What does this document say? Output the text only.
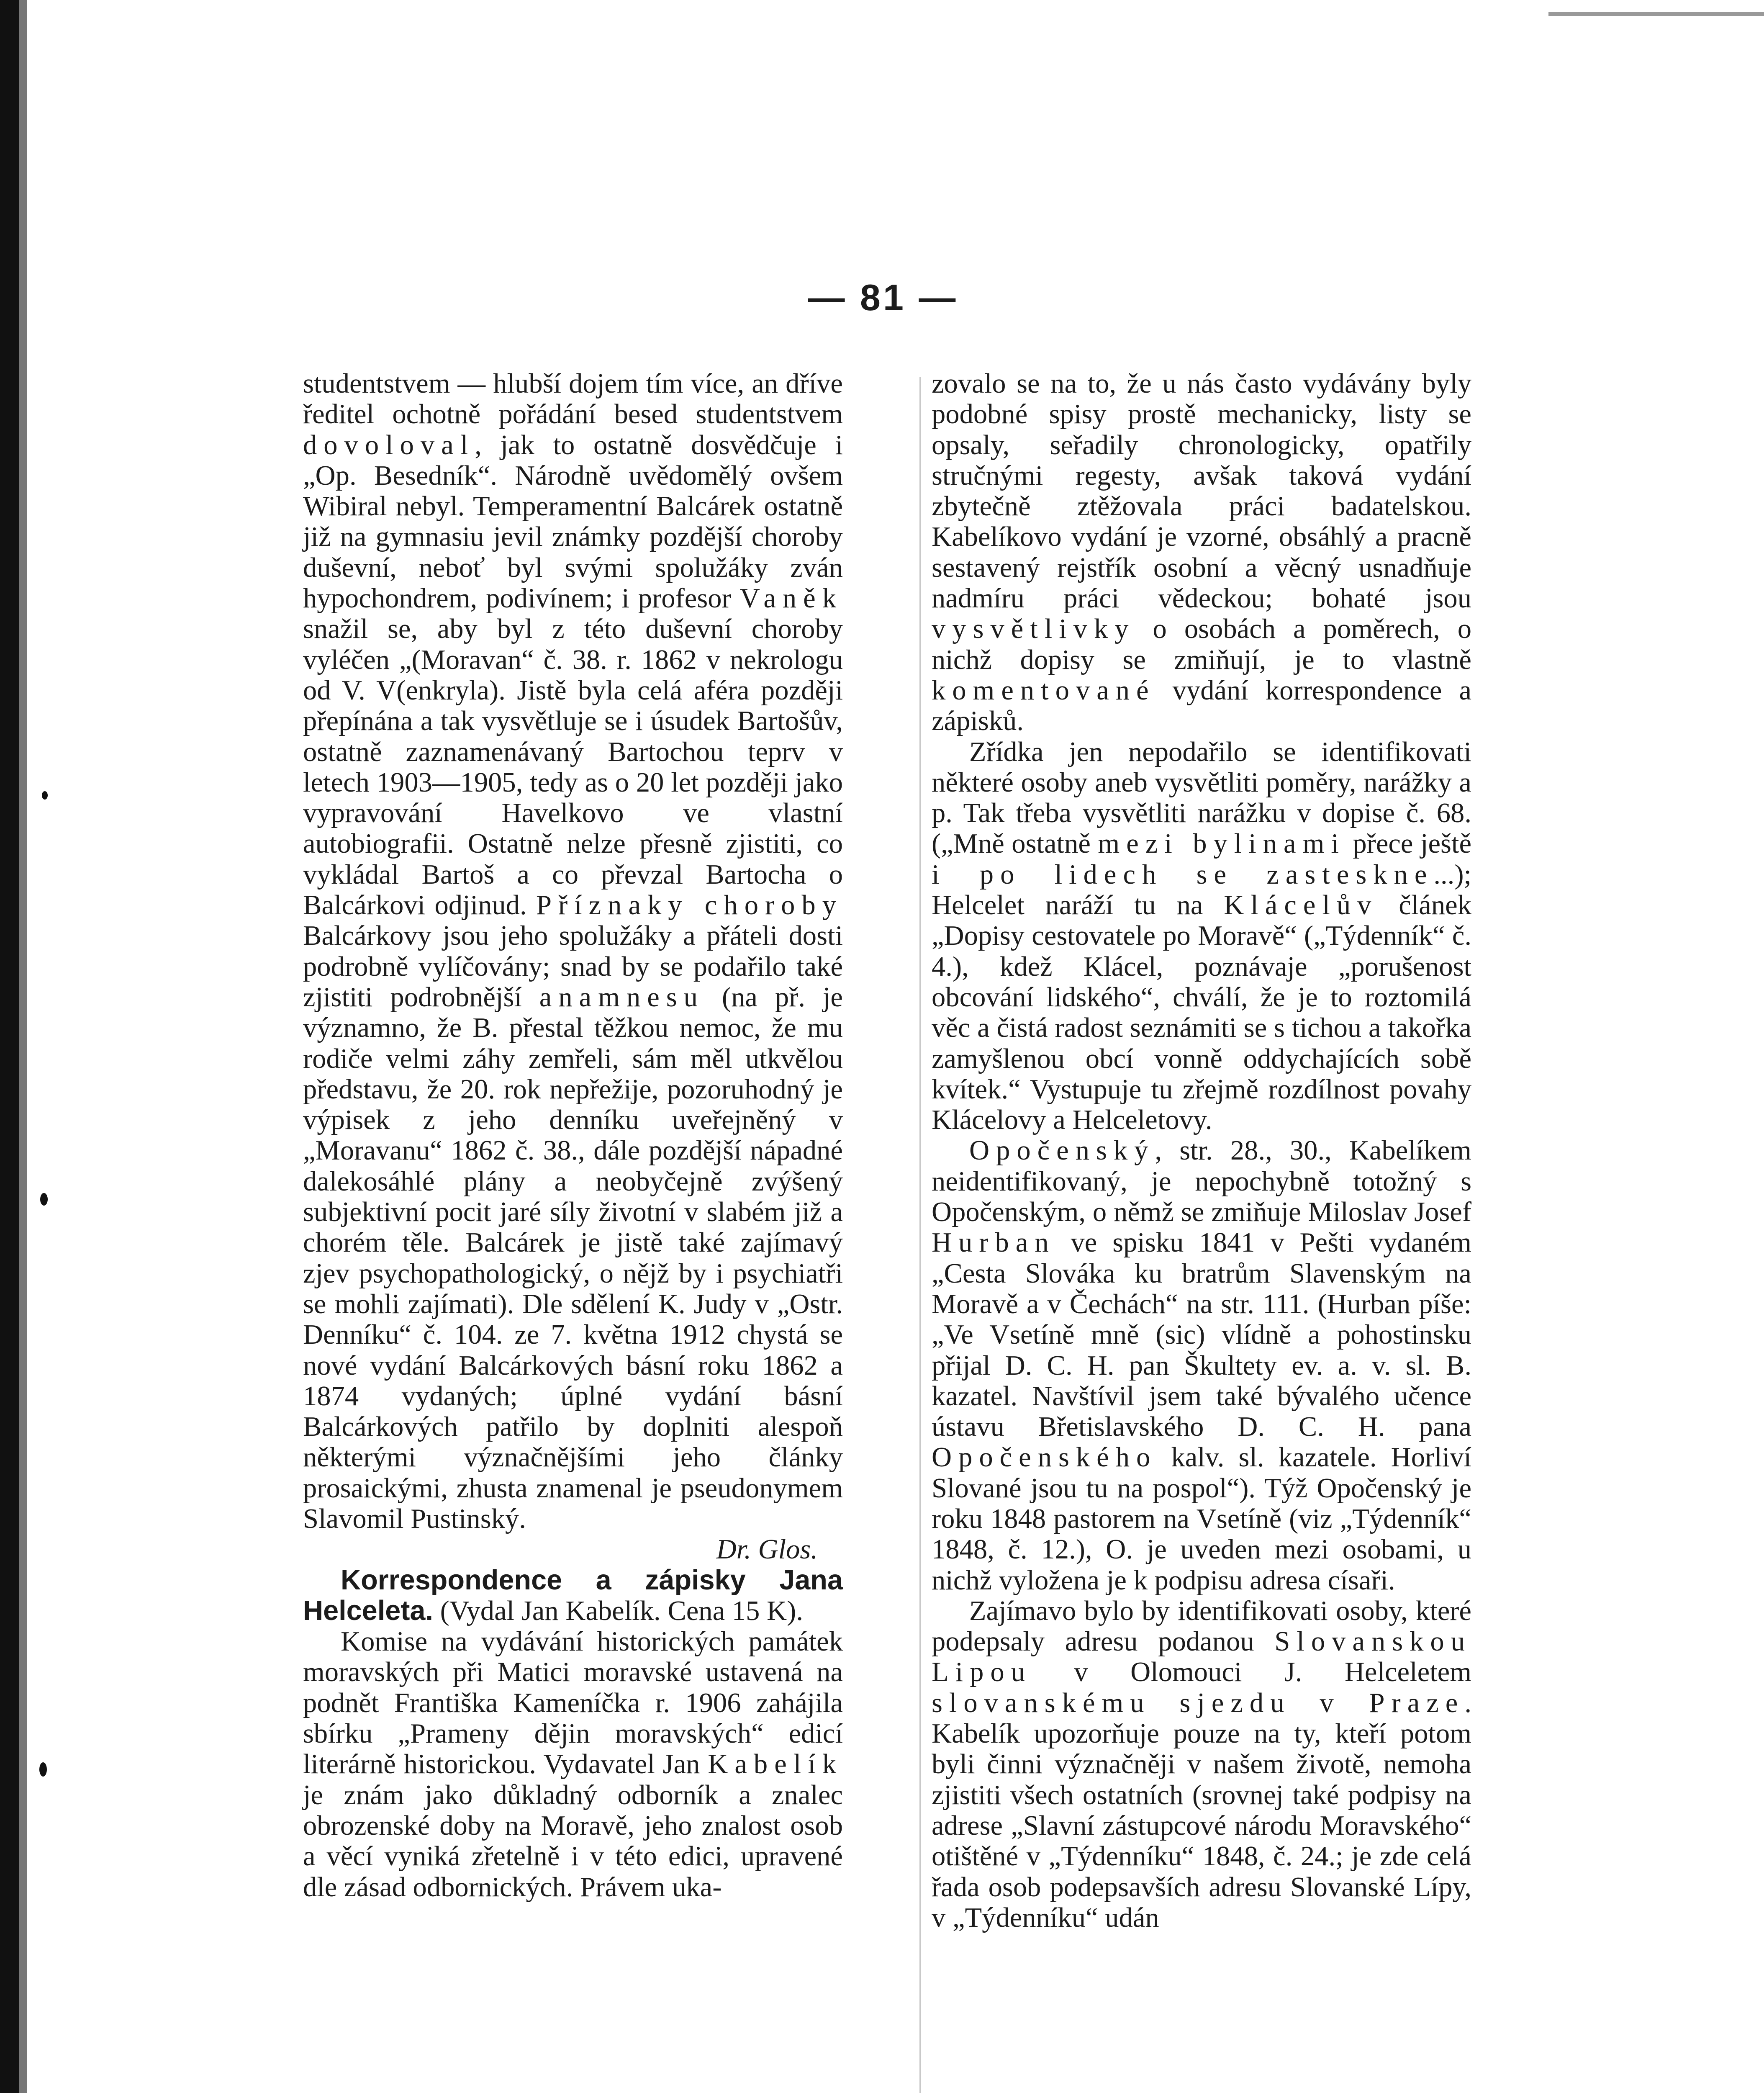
— 81 —

studentstvem — hlubší dojem tím více, an dříve ředitel ochotně pořádání besed studentstvem dovoloval, jak to ostatně dosvědčuje i „Op. Besedník“. Národně uvědomělý ovšem Wibiral nebyl. Temperamentní Balcárek ostatně již na gymnasiu jevil známky pozdější choroby duševní, neboť byl svými spolužáky zván hypochondrem, podivínem; i profesor Vaněk snažil se, aby byl z této duševní choroby vyléčen „(Moravan“ č. 38. r. 1862 v nekrologu od V. V(enkryla). Jistě byla celá aféra později přepínána a tak vysvětluje se i úsudek Bartošův, ostatně zaznamenávaný Bartochou teprv v letech 1903—1905, tedy as o 20 let později jako vypravování Havelkovo ve vlastní autobiografii. Ostatně nelze přesně zjistiti, co vykládal Bartoš a co převzal Bartocha o Balcárkovi odjinud. Příznaky choroby Balcárkovy jsou jeho spolužáky a přáteli dosti podrobně vylíčovány; snad by se podařilo také zjistiti podrobnější anamnesu (na př. je významno, že B. přestal těžkou nemoc, že mu rodiče velmi záhy zemřeli, sám měl utkvělou představu, že 20. rok nepřežije, pozoruhodný je výpisek z jeho denníku uveřejněný v „Moravanu“ 1862 č. 38., dále pozdější nápadné dalekosáhlé plány a neobyčejně zvýšený subjektivní pocit jaré síly životní v slabém již a chorém těle. Balcárek je jistě také zajímavý zjev psychopathologický, o nějž by i psychiatři se mohli zajímati). Dle sdělení K. Judy v „Ostr. Denníku“ č. 104. ze 7. května 1912 chystá se nové vydání Balcárkových básní roku 1862 a 1874 vydaných; úplné vydání básní Balcárkových patřilo by doplniti alespoň některými význačnějšími jeho články prosaickými, zhusta znamenal je pseudonymem Slavomil Pustinský.

Dr. Glos.

Korrespondence a zápisky Jana Helceleta. (Vydal Jan Kabelík. Cena 15 K).

Komise na vydávání historických památek moravských při Matici moravské ustavená na podnět Františka Kameníčka r. 1906 zahájila sbírku „Prameny dějin moravských“ edicí literárně historickou. Vydavatel Jan Kabelík je znám jako důkladný odborník a znalec obrozenské doby na Moravě, jeho znalost osob a věcí vyniká zřetelně i v této edici, upravené dle zásad odbornických. Právem uka-

zovalo se na to, že u nás často vydávány byly podobné spisy prostě mechanicky, listy se opsaly, seřadily chronologicky, opatřily stručnými regesty, avšak taková vydání zbytečně ztěžovala práci badatelskou. Kabelíkovo vydání je vzorné, obsáhlý a pracně sestavený rejstřík osobní a věcný usnadňuje nadmíru práci vědeckou; bohaté jsou vysvětlivky o osobách a poměrech, o nichž dopisy se zmiňují, je to vlastně komentované vydání korrespondence a zápisků.

Zřídka jen nepodařilo se identifikovati některé osoby aneb vysvětliti poměry, narážky a p. Tak třeba vysvětliti narážku v dopise č. 68. („Mně ostatně mezi bylinami přece ještě i po lidech se zasteskne...); Helcelet naráží tu na Klácelův článek „Dopisy cestovatele po Moravě“ („Týdenník“ č. 4.), kdež Klácel, poznávaje „porušenost obcování lidského“, chválí, že je to roztomilá věc a čistá radost seznámiti se s tichou a takořka zamyšlenou obcí vonně oddychajících sobě kvítek.“ Vystupuje tu zřejmě rozdílnost povahy Klácelovy a Helceletovy.

Opočenský, str. 28., 30., Kabelíkem neidentifikovaný, je nepochybně totožný s Opočenským, o němž se zmiňuje Miloslav Josef Hurban ve spisku 1841 v Pešti vydaném „Cesta Slováka ku bratrům Slavenským na Moravě a v Čechách“ na str. 111. (Hurban píše: „Ve Vsetíně mně (sic) vlídně a pohostinsku přijal D. C. H. pan Škultety ev. a. v. sl. B. kazatel. Navštívil jsem také bývalého učence ústavu Břetislavského D. C. H. pana Opočenského kalv. sl. kazatele. Horliví Slované jsou tu na pospol“). Týž Opočenský je roku 1848 pastorem na Vsetíně (viz „Týdenník“ 1848, č. 12.), O. je uveden mezi osobami, u nichž vyložena je k podpisu adresa císaři.

Zajímavo bylo by identifikovati osoby, které podepsaly adresu podanou Slovanskou Lipou v Olomouci J. Helceletem slovanskému sjezdu v Praze. Kabelík upozorňuje pouze na ty, kteří potom byli činni význačněji v našem životě, nemoha zjistiti všech ostatních (srovnej také podpisy na adrese „Slavní zástupcové národu Moravského“ otištěné v „Týdenníku“ 1848, č. 24.; je zde celá řada osob podepsavších adresu Slovanské Lípy, v „Týdenníku“ udán
